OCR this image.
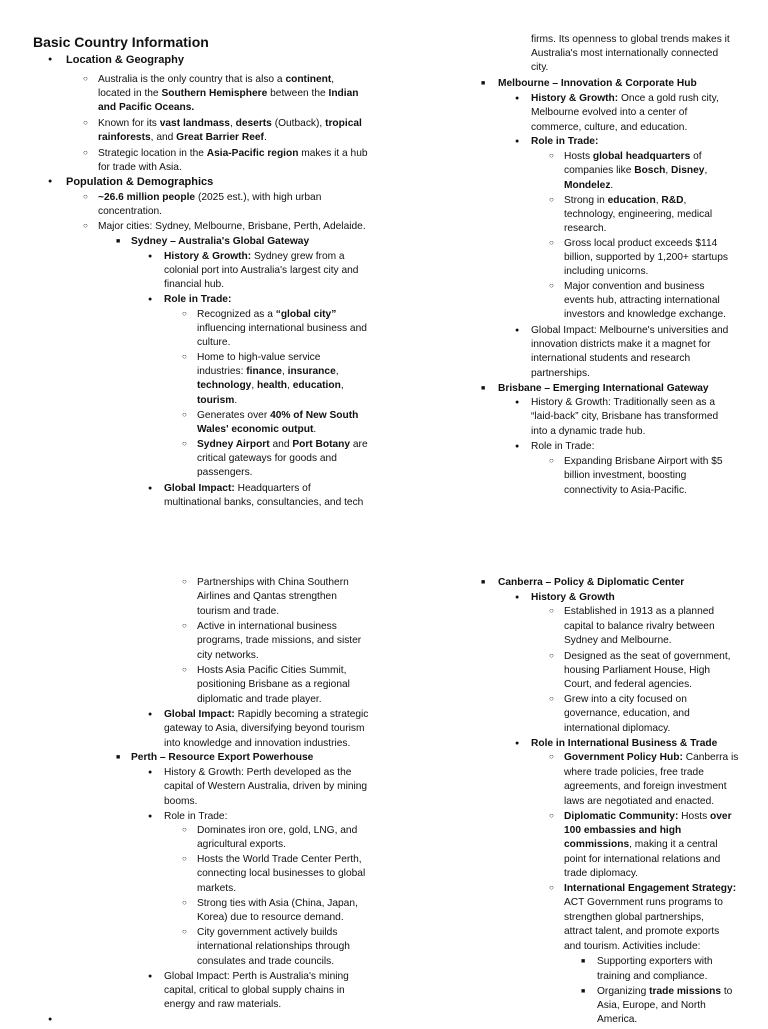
Basic Country Information
●
Location & Geography
○
Australia is the only country that is also a continent,
located in the Southern Hemisphere between the Indian
and Pacific Oceans.
○
Known for its vast landmass, deserts (Outback), tropical
rainforests, and Great Barrier Reef.
○
Strategic location in the Asia-Pacific region makes it a hub
for trade with Asia.
●
Population & Demographics
○
~26.6 million people (2025 est.), with high urban
concentration.
○
Major cities: Sydney, Melbourne, Brisbane, Perth, Adelaide.
■
Sydney – Australia's Global Gateway
●
History & Growth: Sydney grew from a
colonial port into Australia's largest city and
financial hub.
●
Role in Trade:
○
Recognized as a “global city”
influencing international business and
culture.
○
Home to high-value service
industries: finance, insurance,
technology, health, education,
tourism.
○
Generates over 40% of New South
Wales' economic output.
○
Sydney Airport and Port Botany are
critical gateways for goods and
passengers.
●
Global Impact: Headquarters of
multinational banks, consultancies, and tech
firms. Its openness to global trends makes it
Australia's most internationally connected
city.
■
Melbourne – Innovation & Corporate Hub
●
History & Growth: Once a gold rush city,
Melbourne evolved into a center of
commerce, culture, and education.
●
Role in Trade:
○
Hosts global headquarters of
companies like Bosch, Disney,
Mondelez.
○
Strong in education, R&D,
technology, engineering, medical
research.
○
Gross local product exceeds $114
billion, supported by 1,200+ startups
including unicorns.
○
Major convention and business
events hub, attracting international
investors and knowledge exchange.
●
Global Impact: Melbourne's universities and
innovation districts make it a magnet for
international students and research
partnerships.
■
Brisbane – Emerging International Gateway
●
History & Growth: Traditionally seen as a
“laid-back” city, Brisbane has transformed
into a dynamic trade hub.
●
Role in Trade:
○
Expanding Brisbane Airport with $5
billion investment, boosting
connectivity to Asia-Pacific.
○
Partnerships with China Southern
Airlines and Qantas strengthen
tourism and trade.
○
Active in international business
programs, trade missions, and sister
city networks.
○
Hosts Asia Pacific Cities Summit,
positioning Brisbane as a regional
diplomatic and trade player.
●
Global Impact: Rapidly becoming a strategic
gateway to Asia, diversifying beyond tourism
into knowledge and innovation industries.
■
Perth – Resource Export Powerhouse
●
History & Growth: Perth developed as the
capital of Western Australia, driven by mining
booms.
●
Role in Trade:
○
Dominates iron ore, gold, LNG, and
agricultural exports.
○
Hosts the World Trade Center Perth,
connecting local businesses to global
markets.
○
Strong ties with Asia (China, Japan,
Korea) due to resource demand.
○
City government actively builds
international relationships through
consulates and trade councils.
●
Global Impact: Perth is Australia's mining
capital, critical to global supply chains in
energy and raw materials.
●
■
Canberra – Policy & Diplomatic Center
●
History & Growth
○
Established in 1913 as a planned
capital to balance rivalry between
Sydney and Melbourne.
○
Designed as the seat of government,
housing Parliament House, High
Court, and federal agencies.
○
Grew into a city focused on
governance, education, and
international diplomacy.
●
Role in International Business & Trade
○
Government Policy Hub: Canberra is
where trade policies, free trade
agreements, and foreign investment
laws are negotiated and enacted.
○
Diplomatic Community: Hosts over
100 embassies and high
commissions, making it a central
point for international relations and
trade diplomacy.
○
International Engagement Strategy:
ACT Government runs programs to
strengthen global partnerships,
attract talent, and promote exports
and tourism. Activities include:
■
Supporting exporters with
training and compliance.
■
Organizing trade missions to
Asia, Europe, and North
America.
